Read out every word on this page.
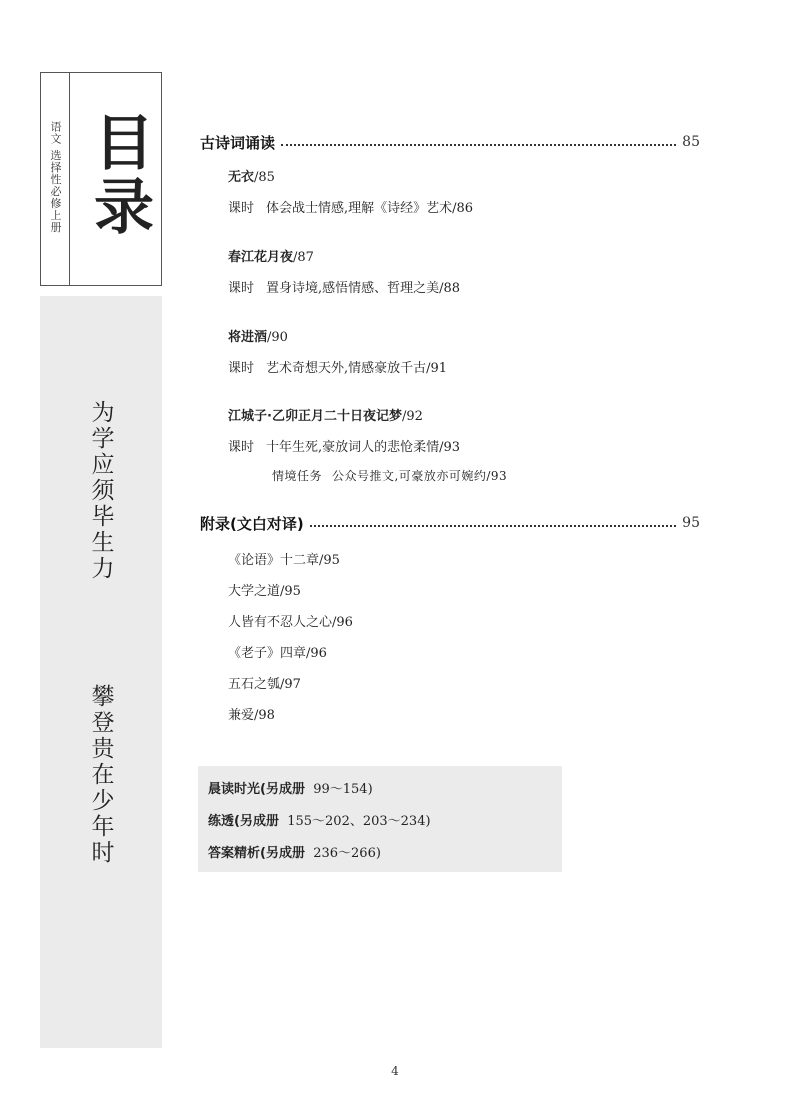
语文 选择性必修上册 目录
为学应须毕生力
攀登贵在少年时
古诗词诵读	85
无衣/85
课时 体会战士情感,理解《诗经》艺术/86
春江花月夜/87
课时 置身诗境,感悟情感、哲理之美/88
将进酒/90
课时 艺术奇想天外,情感豪放千古/91
江城子·乙卯正月二十日夜记梦/92
课时 十年生死,豪放词人的悲怆柔情/93
情境任务 公众号推文,可豪放亦可婉约/93
附录(文白对译)	95
《论语》十二章/95
大学之道/95
人皆有不忍人之心/96
《老子》四章/96
五石之瓠/97
兼爱/98
晨读时光(另成册 99～154)
练透(另成册 155～202、203～234)
答案精析(另成册 236～266)
4
